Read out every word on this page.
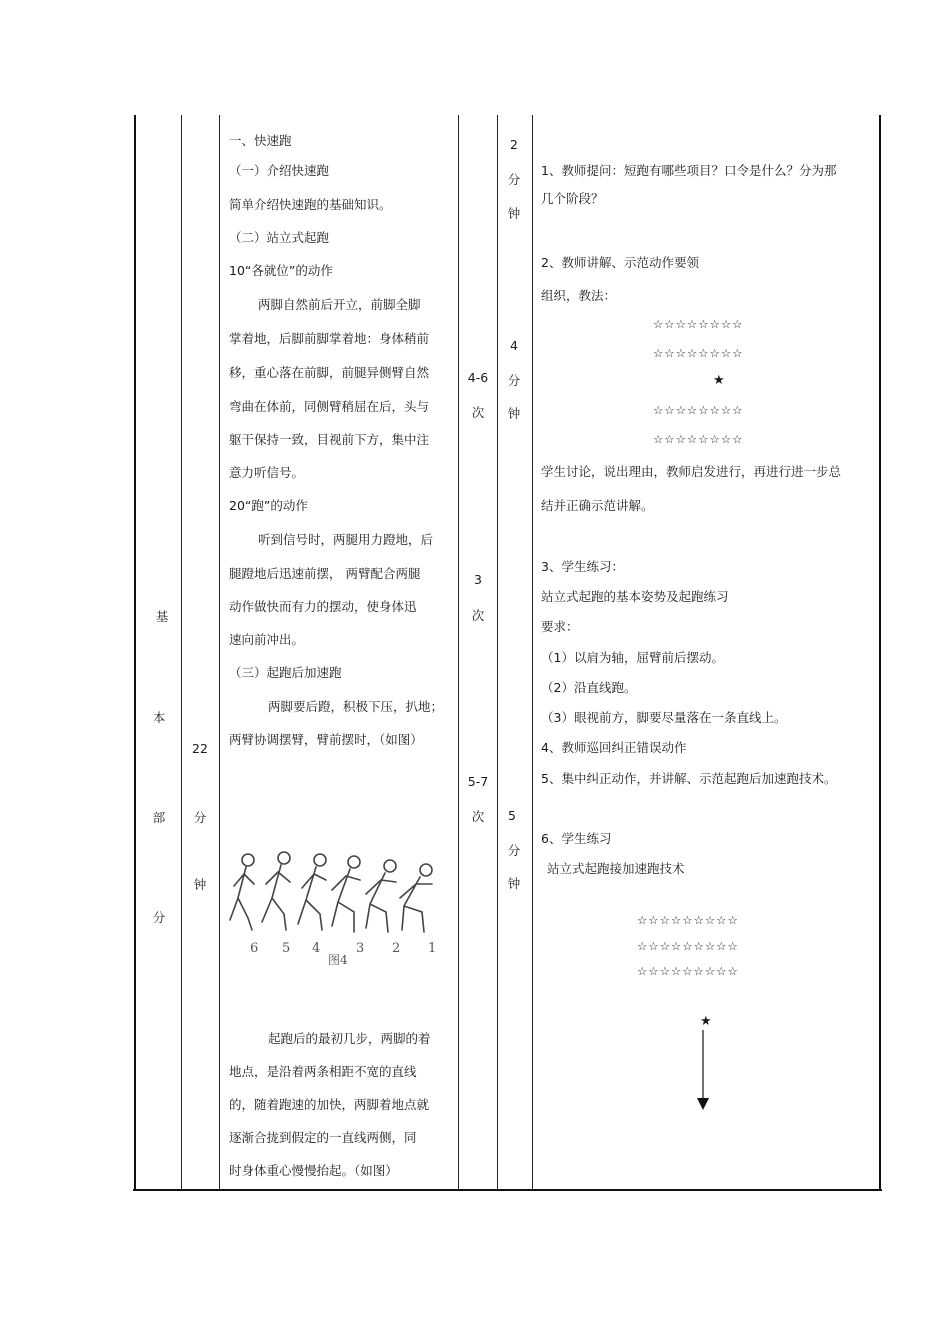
基
本
部
分
22
分
钟
一、快速跑
（一）介绍快速跑
简单介绍快速跑的基础知识。
（二）站立式起跑
10“各就位”的动作
两脚自然前后开立，前脚全脚
掌着地，后脚前脚掌着地：身体稍前
移，重心落在前脚，前腿异侧臂自然
弯曲在体前，同侧臂稍屈在后，头与
躯干保持一致，目视前下方，集中注
意力听信号。
20“跑”的动作
听到信号时，两腿用力蹬地，后
腿蹬地后迅速前摆， 两臂配合两腿
动作做快而有力的摆动，使身体迅
速向前冲出。
（三）起跑后加速跑
两脚要后蹬，积极下压，扒地；
两臂协调摆臂，臂前摆时，（如图）
6 5 4	3 2 1
图4
起跑后的最初几步，两脚的着
地点，是沿着两条相距不宽的直线
的，随着跑速的加快，两脚着地点就
逐渐合拢到假定的一直线两侧，同
时身体重心慢慢抬起。（如图）
4-6
次
3
次
5-7
次
2
分
钟
4
分
钟
5
分
钟
1、教师提问：短跑有哪些项目？口令是什么？分为那
几个阶段？
2、教师讲解、示范动作要领
组织，教法：
☆☆☆☆☆☆☆☆
☆☆☆☆☆☆☆☆
★
☆☆☆☆☆☆☆☆
☆☆☆☆☆☆☆☆
学生讨论，说出理由，教师启发进行，再进行进一步总
结并正确示范讲解。
3、学生练习：
站立式起跑的基本姿势及起跑练习
要求：
（1）以肩为轴，屈臂前后摆动。
（2）沿直线跑。
（3）眼视前方，脚要尽量落在一条直线上。
4、教师巡回纠正错误动作
5、集中纠正动作，并讲解、示范起跑后加速跑技术。
6、学生练习
站立式起跑接加速跑技术
☆☆☆☆☆☆☆☆☆
☆☆☆☆☆☆☆☆☆
☆☆☆☆☆☆☆☆☆
★
